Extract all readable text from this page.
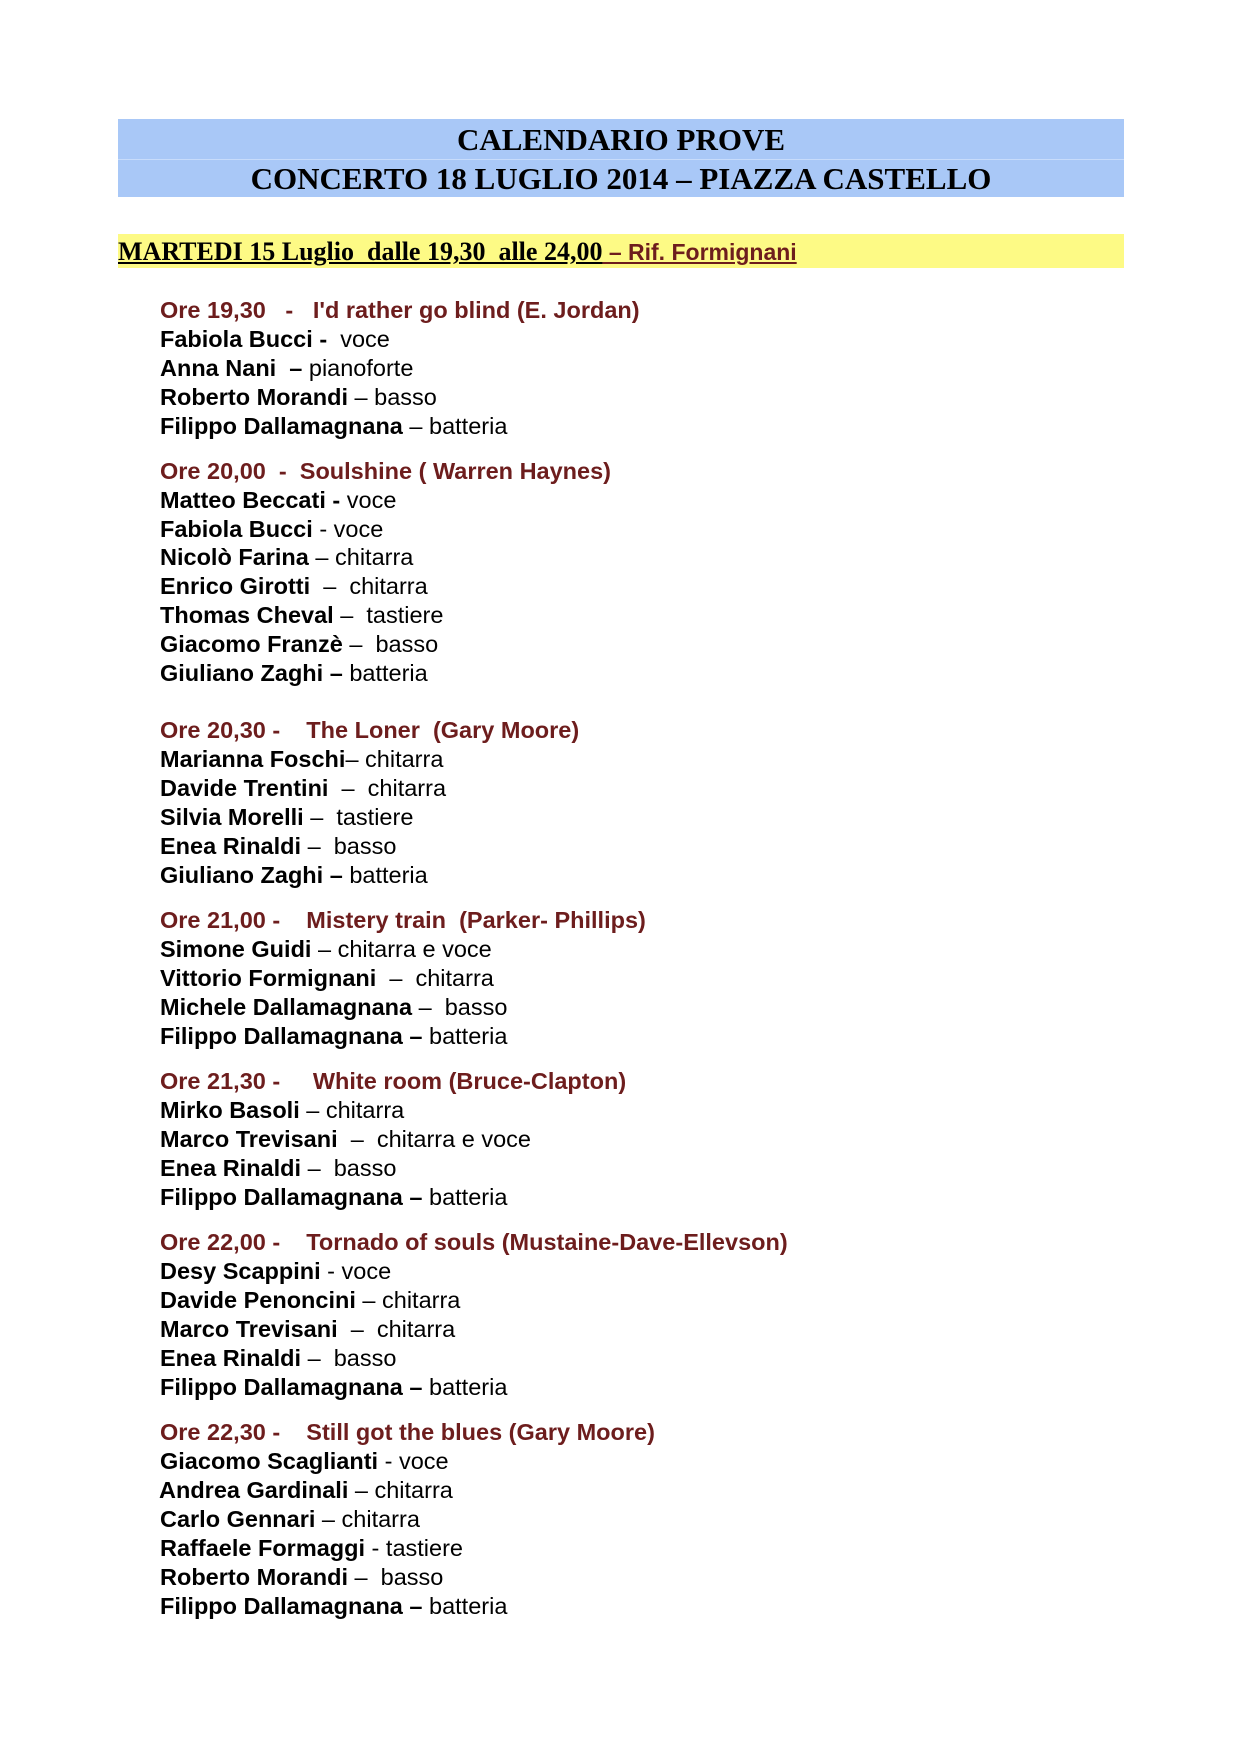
CALENDARIO PROVE
CONCERTO 18 LUGLIO 2014 – PIAZZA CASTELLO
MARTEDI 15 Luglio  dalle 19,30  alle 24,00 – Rif. Formignani
Ore 19,30   -   I'd rather go blind (E. Jordan)
Fabiola Bucci -  voce
Anna Nani  – pianoforte
Roberto Morandi – basso
Filippo Dallamagnana – batteria
Ore 20,00  -  Soulshine ( Warren Haynes)
Matteo Beccati - voce
Fabiola Bucci - voce
Nicolò Farina – chitarra
Enrico Girotti  –  chitarra
Thomas Cheval –  tastiere
Giacomo Franzè –  basso
Giuliano Zaghi – batteria
Ore 20,30 -    The Loner  (Gary Moore)
Marianna Foschi– chitarra
Davide Trentini  –  chitarra
Silvia Morelli –  tastiere
Enea Rinaldi –  basso
Giuliano Zaghi – batteria
Ore 21,00 -    Mistery train  (Parker- Phillips)
Simone Guidi – chitarra e voce
Vittorio Formignani  –  chitarra
Michele Dallamagnana –  basso
Filippo Dallamagnana – batteria
Ore 21,30 -     White room (Bruce-Clapton)
Mirko Basoli – chitarra
Marco Trevisani  –  chitarra e voce
Enea Rinaldi –  basso
Filippo Dallamagnana – batteria
Ore 22,00 -    Tornado of souls (Mustaine-Dave-Ellevson)
Desy Scappini - voce
Davide Penoncini – chitarra
Marco Trevisani  –  chitarra
Enea Rinaldi –  basso
Filippo Dallamagnana – batteria
Ore 22,30 -    Still got the blues (Gary Moore)
Giacomo Scaglianti - voce
Andrea Gardinali – chitarra
Carlo Gennari – chitarra
Raffaele Formaggi - tastiere
Roberto Morandi –  basso
Filippo Dallamagnana – batteria
